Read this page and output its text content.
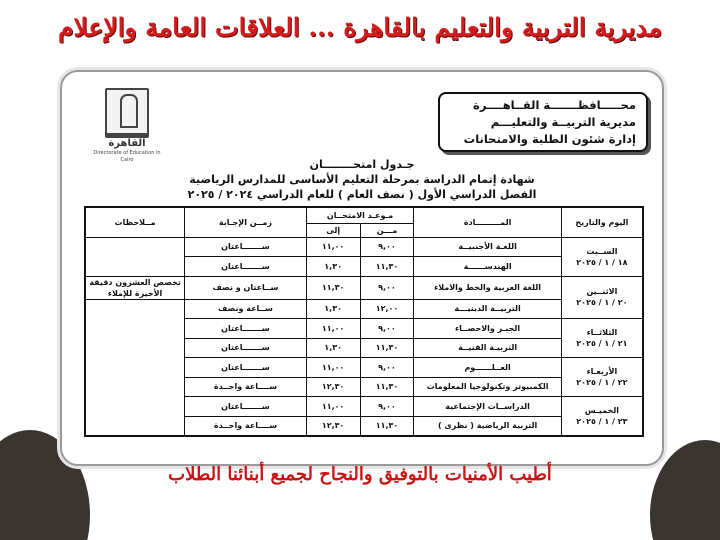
مديرية التربية والتعليم بالقاهرة ... العلاقات العامة والإعلام
محـــــافظـــــــة القــاهــــرة
مديرية التربيــة والتعليـــم
إدارة شئون الطلبة والامتحانات
القاهرة
Directorate of Education in Cairo	جـدول امتحــــــــان
شهادة إتمام الدراسة بمرحلة التعليم الأساسى للمدارس الرياضية
الفصل الدراسي الأول ( نصف العام ) للعام الدراسي ٢٠٢٤ / ٢٠٢٥
اليوم والتاريخ	المـــــــــادة	مـوعـد الامتحــان		زمــن الإجـابة	مــلاحظات
		مـــن	إلى		

الســبت
١٨ / ١ / ٢٠٢٥	اللغـة الأجنبيــة	٩,٠٠	١١,٠٠	ســـــــاعتان	
	الهندســــــة	١١,٣٠	١,٣٠	ســـــــاعتان	

الاثنــين
٢٠ / ١ / ٢٠٢٥	اللغة العربية والخط والاملاء	٩,٠٠	١١,٣٠	ســاعتان و نصف	تخصص العشرون دقيقة الأخيرة للإملاء
	التربيــة الدينيـــة	١٢,٠٠	١,٣٠	ســاعة ونصف	

الثلاثــاء
٢١ / ١ / ٢٠٢٥	الجبـر والاحصــاء	٩,٠٠	١١,٠٠	ســـــــاعتان	
	التربيـة الفنيــة	١١,٣٠	١,٣٠	ســـــــاعتان	

الأربعـاء
٢٢ / ١ / ٢٠٢٥	العــلــــــوم	٩,٠٠	١١,٠٠	ســـــــاعتان	
	الكمبيوتر وتكنولوجيا المعلومات	١١,٣٠	١٢,٣٠	ســــاعة واحــدة	

الخميـس
٢٣ / ١ / ٢٠٢٥	الدراســات الإجتماعية	٩,٠٠	١١,٠٠	ســـــــاعتان	
	التربية الرياضية ( نظرى )	١١,٣٠	١٢,٣٠	ســــاعة واحــدة	
أطيب الأمنيات بالتوفيق والنجاح لجميع أبنائنا الطلاب
